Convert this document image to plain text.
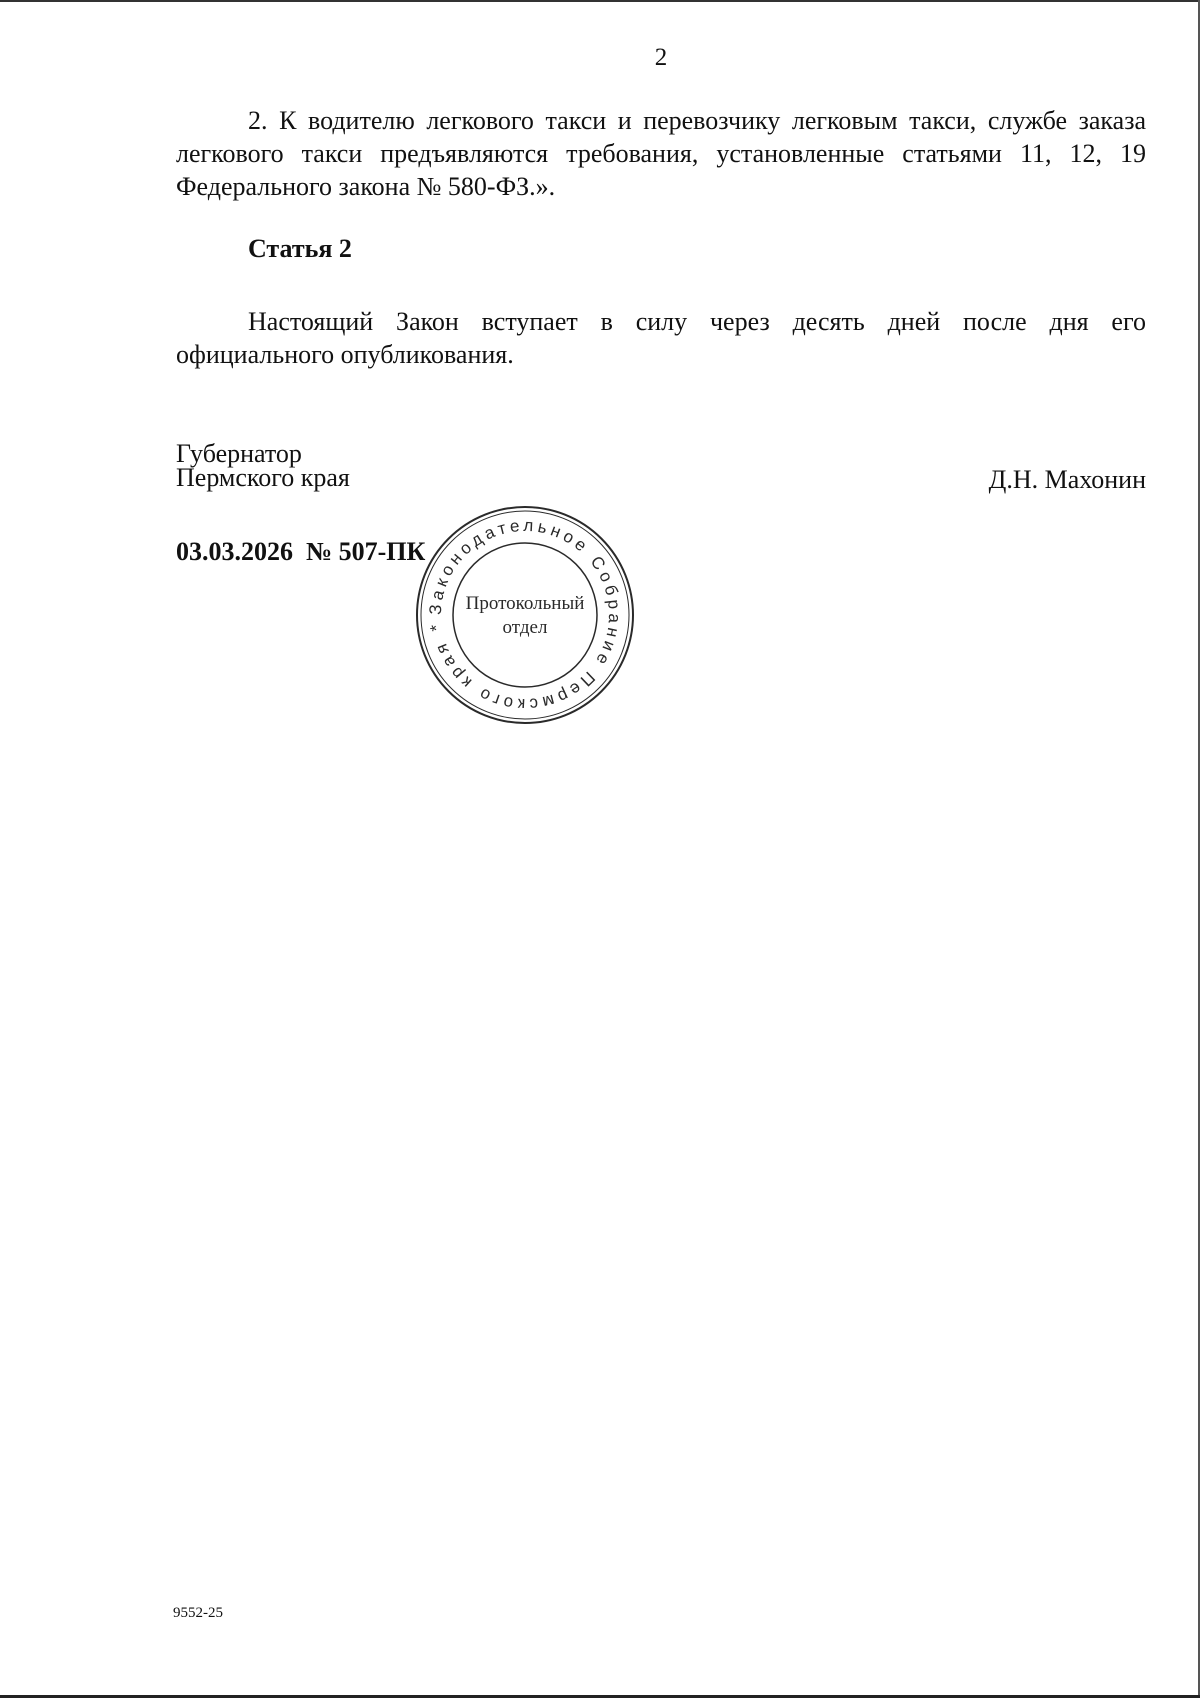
2
2. К водителю легкового такси и перевозчику легковым такси, службе заказа легкового такси предъявляются требования, установленные статьями 11, 12, 19 Федерального закона № 580-ФЗ.».
Статья 2
Настоящий Закон вступает в силу через десять дней после дня его официального опубликования.
Губернатор
Пермского края	Д.Н. Махонин
03.03.2026  № 507-ПК
Законодательное Собрание Пермского края *
Протокольный
отдел
9552-25
